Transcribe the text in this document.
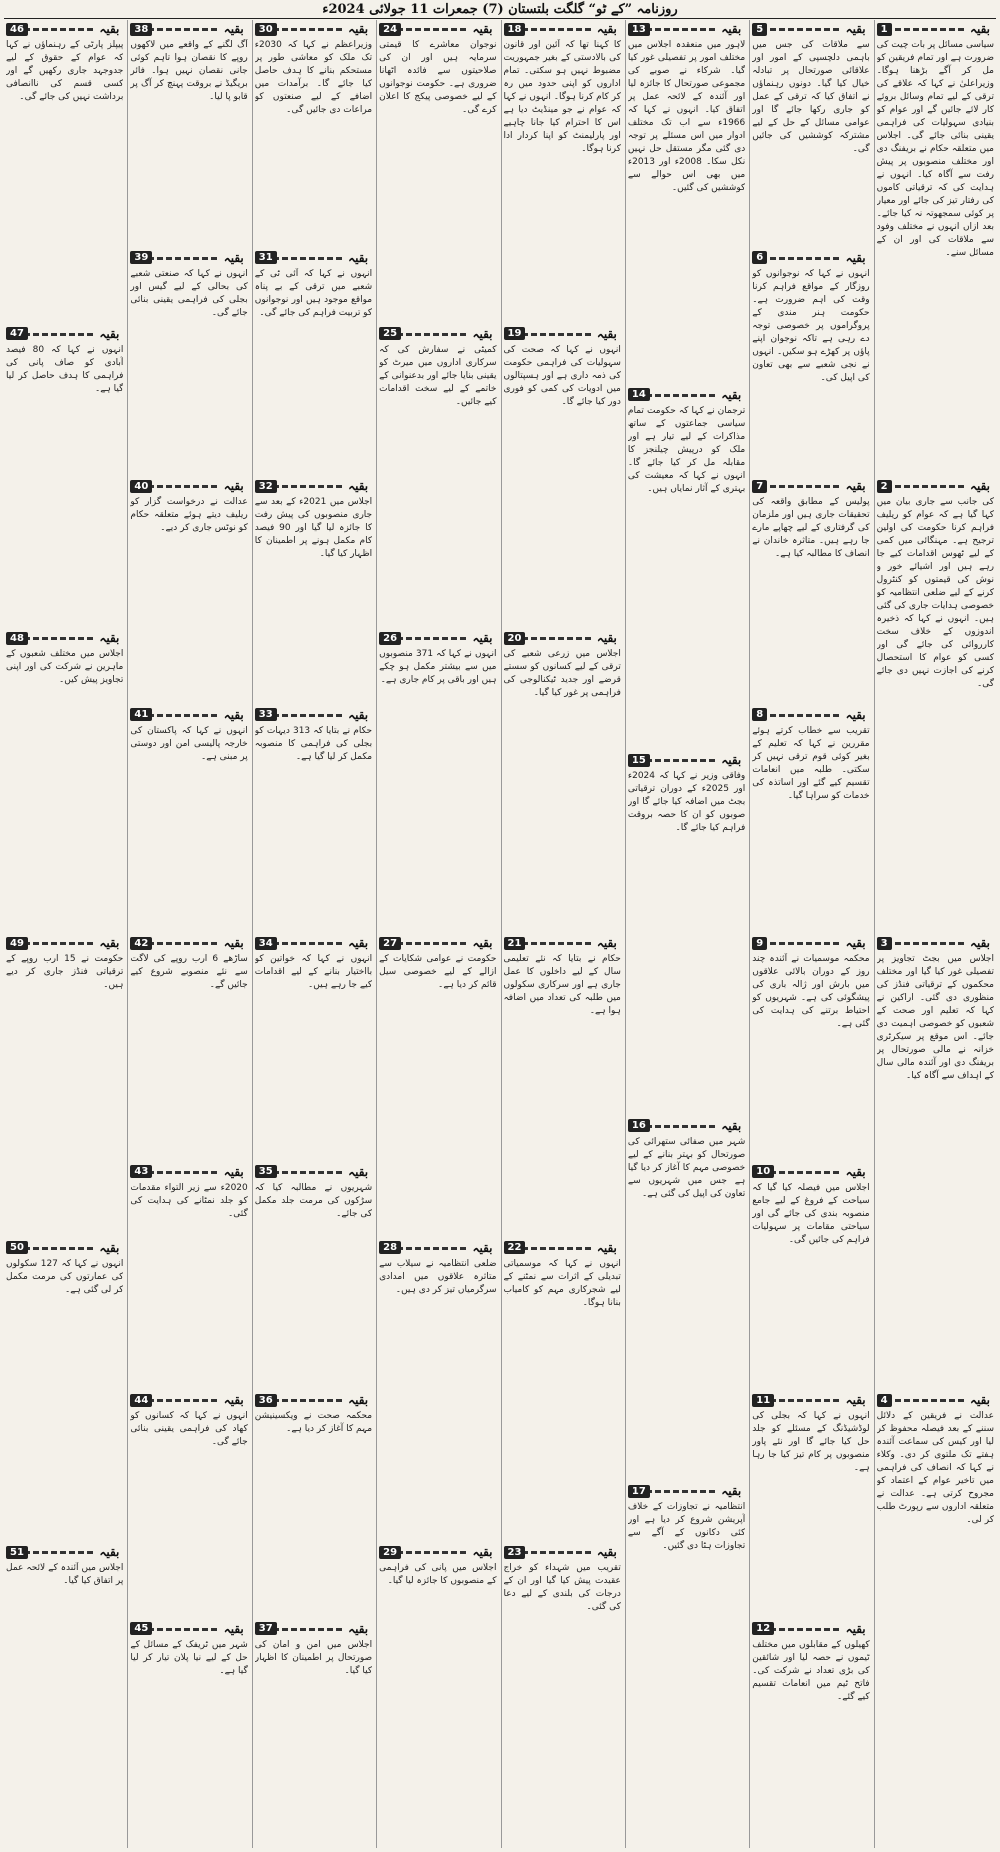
روزنامہ ”کے ٹو“ گلگت بلتستان (7) جمعرات 11 جولائی 2024ء
بقیہ
1
سیاسی مسائل پر بات چیت کی ضرورت ہے اور تمام فریقین کو مل کر آگے بڑھنا ہوگا۔ وزیراعلیٰ نے کہا کہ علاقے کی ترقی کے لیے تمام وسائل بروئے کار لائے جائیں گے اور عوام کو بنیادی سہولیات کی فراہمی یقینی بنائی جائے گی۔ اجلاس میں متعلقہ حکام نے بریفنگ دی اور مختلف منصوبوں پر پیش رفت سے آگاہ کیا۔ انہوں نے ہدایت کی کہ ترقیاتی کاموں کی رفتار تیز کی جائے اور معیار پر کوئی سمجھوتہ نہ کیا جائے۔ بعد ازاں انہوں نے مختلف وفود سے ملاقات کی اور ان کے مسائل سنے۔
بقیہ
2
کی جانب سے جاری بیان میں کہا گیا ہے کہ عوام کو ریلیف فراہم کرنا حکومت کی اولین ترجیح ہے۔ مہنگائی میں کمی کے لیے ٹھوس اقدامات کیے جا رہے ہیں اور اشیائے خور و نوش کی قیمتوں کو کنٹرول کرنے کے لیے ضلعی انتظامیہ کو خصوصی ہدایات جاری کی گئی ہیں۔ انہوں نے کہا کہ ذخیرہ اندوزوں کے خلاف سخت کارروائی کی جائے گی اور کسی کو عوام کا استحصال کرنے کی اجازت نہیں دی جائے گی۔
بقیہ
3
اجلاس میں بجٹ تجاویز پر تفصیلی غور کیا گیا اور مختلف محکموں کے ترقیاتی فنڈز کی منظوری دی گئی۔ اراکین نے کہا کہ تعلیم اور صحت کے شعبوں کو خصوصی اہمیت دی جائے۔ اس موقع پر سیکرٹری خزانہ نے مالی صورتحال پر بریفنگ دی اور آئندہ مالی سال کے اہداف سے آگاہ کیا۔
بقیہ
4
عدالت نے فریقین کے دلائل سننے کے بعد فیصلہ محفوظ کر لیا اور کیس کی سماعت آئندہ ہفتے تک ملتوی کر دی۔ وکلاء نے کہا کہ انصاف کی فراہمی میں تاخیر عوام کے اعتماد کو مجروح کرتی ہے۔ عدالت نے متعلقہ اداروں سے رپورٹ طلب کر لی۔
بقیہ
5
سے ملاقات کی جس میں باہمی دلچسپی کے امور اور علاقائی صورتحال پر تبادلہ خیال کیا گیا۔ دونوں رہنماؤں نے اتفاق کیا کہ ترقی کے عمل کو جاری رکھا جائے گا اور عوامی مسائل کے حل کے لیے مشترکہ کوششیں کی جائیں گی۔
بقیہ
6
انہوں نے کہا کہ نوجوانوں کو روزگار کے مواقع فراہم کرنا وقت کی اہم ضرورت ہے۔ حکومت ہنر مندی کے پروگراموں پر خصوصی توجہ دے رہی ہے تاکہ نوجوان اپنے پاؤں پر کھڑے ہو سکیں۔ انہوں نے نجی شعبے سے بھی تعاون کی اپیل کی۔
بقیہ
7
پولیس کے مطابق واقعہ کی تحقیقات جاری ہیں اور ملزمان کی گرفتاری کے لیے چھاپے مارے جا رہے ہیں۔ متاثرہ خاندان نے انصاف کا مطالبہ کیا ہے۔
بقیہ
8
تقریب سے خطاب کرتے ہوئے مقررین نے کہا کہ تعلیم کے بغیر کوئی قوم ترقی نہیں کر سکتی۔ طلبہ میں انعامات تقسیم کیے گئے اور اساتذہ کی خدمات کو سراہا گیا۔
بقیہ
9
محکمہ موسمیات نے آئندہ چند روز کے دوران بالائی علاقوں میں بارش اور ژالہ باری کی پیشگوئی کی ہے۔ شہریوں کو احتیاط برتنے کی ہدایت کی گئی ہے۔
بقیہ
10
اجلاس میں فیصلہ کیا گیا کہ سیاحت کے فروغ کے لیے جامع منصوبہ بندی کی جائے گی اور سیاحتی مقامات پر سہولیات فراہم کی جائیں گی۔
بقیہ
11
انہوں نے کہا کہ بجلی کی لوڈشیڈنگ کے مسئلے کو جلد حل کیا جائے گا اور نئے پاور منصوبوں پر کام تیز کیا جا رہا ہے۔
بقیہ
12
کھیلوں کے مقابلوں میں مختلف ٹیموں نے حصہ لیا اور شائقین کی بڑی تعداد نے شرکت کی۔ فاتح ٹیم میں انعامات تقسیم کیے گئے۔
بقیہ
13
لاہور میں منعقدہ اجلاس میں مختلف امور پر تفصیلی غور کیا گیا۔ شرکاء نے صوبے کی مجموعی صورتحال کا جائزہ لیا اور آئندہ کے لائحہ عمل پر اتفاق کیا۔ انہوں نے کہا کہ 1966ء سے اب تک مختلف ادوار میں اس مسئلے پر توجہ دی گئی مگر مستقل حل نہیں نکل سکا۔ 2008ء اور 2013ء میں بھی اس حوالے سے کوششیں کی گئیں۔
بقیہ
14
ترجمان نے کہا کہ حکومت تمام سیاسی جماعتوں کے ساتھ مذاکرات کے لیے تیار ہے اور ملک کو درپیش چیلنجز کا مقابلہ مل کر کیا جائے گا۔ انہوں نے کہا کہ معیشت کی بہتری کے آثار نمایاں ہیں۔
بقیہ
15
وفاقی وزیر نے کہا کہ 2024ء اور 2025ء کے دوران ترقیاتی بجٹ میں اضافہ کیا جائے گا اور صوبوں کو ان کا حصہ بروقت فراہم کیا جائے گا۔
بقیہ
16
شہر میں صفائی ستھرائی کی صورتحال کو بہتر بنانے کے لیے خصوصی مہم کا آغاز کر دیا گیا ہے جس میں شہریوں سے تعاون کی اپیل کی گئی ہے۔
بقیہ
17
انتظامیہ نے تجاوزات کے خلاف آپریشن شروع کر دیا ہے اور کئی دکانوں کے آگے سے تجاوزات ہٹا دی گئیں۔
بقیہ
18
کا کہنا تھا کہ آئین اور قانون کی بالادستی کے بغیر جمہوریت مضبوط نہیں ہو سکتی۔ تمام اداروں کو اپنی حدود میں رہ کر کام کرنا ہوگا۔ انہوں نے کہا کہ عوام نے جو مینڈیٹ دیا ہے اس کا احترام کیا جانا چاہیے اور پارلیمنٹ کو اپنا کردار ادا کرنا ہوگا۔
بقیہ
19
انہوں نے کہا کہ صحت کی سہولیات کی فراہمی حکومت کی ذمہ داری ہے اور ہسپتالوں میں ادویات کی کمی کو فوری دور کیا جائے گا۔
بقیہ
20
اجلاس میں زرعی شعبے کی ترقی کے لیے کسانوں کو سستے قرضے اور جدید ٹیکنالوجی کی فراہمی پر غور کیا گیا۔
بقیہ
21
حکام نے بتایا کہ نئے تعلیمی سال کے لیے داخلوں کا عمل جاری ہے اور سرکاری سکولوں میں طلبہ کی تعداد میں اضافہ ہوا ہے۔
بقیہ
22
انہوں نے کہا کہ موسمیاتی تبدیلی کے اثرات سے نمٹنے کے لیے شجرکاری مہم کو کامیاب بنانا ہوگا۔
بقیہ
23
تقریب میں شہداء کو خراج عقیدت پیش کیا گیا اور ان کے درجات کی بلندی کے لیے دعا کی گئی۔
بقیہ
24
نوجوان معاشرے کا قیمتی سرمایہ ہیں اور ان کی صلاحیتوں سے فائدہ اٹھانا ضروری ہے۔ حکومت نوجوانوں کے لیے خصوصی پیکج کا اعلان کرے گی۔
بقیہ
25
کمیٹی نے سفارش کی کہ سرکاری اداروں میں میرٹ کو یقینی بنایا جائے اور بدعنوانی کے خاتمے کے لیے سخت اقدامات کیے جائیں۔
بقیہ
26
انہوں نے کہا کہ 371 منصوبوں میں سے بیشتر مکمل ہو چکے ہیں اور باقی پر کام جاری ہے۔
بقیہ
27
حکومت نے عوامی شکایات کے ازالے کے لیے خصوصی سیل قائم کر دیا ہے۔
بقیہ
28
ضلعی انتظامیہ نے سیلاب سے متاثرہ علاقوں میں امدادی سرگرمیاں تیز کر دی ہیں۔
بقیہ
29
اجلاس میں پانی کی فراہمی کے منصوبوں کا جائزہ لیا گیا۔
بقیہ
30
وزیراعظم نے کہا کہ 2030ء تک ملک کو معاشی طور پر مستحکم بنانے کا ہدف حاصل کیا جائے گا۔ برآمدات میں اضافے کے لیے صنعتوں کو مراعات دی جائیں گی۔
بقیہ
31
انہوں نے کہا کہ آئی ٹی کے شعبے میں ترقی کے بے پناہ مواقع موجود ہیں اور نوجوانوں کو تربیت فراہم کی جائے گی۔
بقیہ
32
اجلاس میں 2021ء کے بعد سے جاری منصوبوں کی پیش رفت کا جائزہ لیا گیا اور 90 فیصد کام مکمل ہونے پر اطمینان کا اظہار کیا گیا۔
بقیہ
33
حکام نے بتایا کہ 313 دیہات کو بجلی کی فراہمی کا منصوبہ مکمل کر لیا گیا ہے۔
بقیہ
34
انہوں نے کہا کہ خواتین کو بااختیار بنانے کے لیے اقدامات کیے جا رہے ہیں۔
بقیہ
35
شہریوں نے مطالبہ کیا کہ سڑکوں کی مرمت جلد مکمل کی جائے۔
بقیہ
36
محکمہ صحت نے ویکسینیشن مہم کا آغاز کر دیا ہے۔
بقیہ
37
اجلاس میں امن و امان کی صورتحال پر اطمینان کا اظہار کیا گیا۔
بقیہ
38
آگ لگنے کے واقعے میں لاکھوں روپے کا نقصان ہوا تاہم کوئی جانی نقصان نہیں ہوا۔ فائر بریگیڈ نے بروقت پہنچ کر آگ پر قابو پا لیا۔
بقیہ
39
انہوں نے کہا کہ صنعتی شعبے کی بحالی کے لیے گیس اور بجلی کی فراہمی یقینی بنائی جائے گی۔
بقیہ
40
عدالت نے درخواست گزار کو ریلیف دیتے ہوئے متعلقہ حکام کو نوٹس جاری کر دیے۔
بقیہ
41
انہوں نے کہا کہ پاکستان کی خارجہ پالیسی امن اور دوستی پر مبنی ہے۔
بقیہ
42
ساڑھے 6 ارب روپے کی لاگت سے نئے منصوبے شروع کیے جائیں گے۔
بقیہ
43
2020ء سے زیر التواء مقدمات کو جلد نمٹانے کی ہدایت کی گئی۔
بقیہ
44
انہوں نے کہا کہ کسانوں کو کھاد کی فراہمی یقینی بنائی جائے گی۔
بقیہ
45
شہر میں ٹریفک کے مسائل کے حل کے لیے نیا پلان تیار کر لیا گیا ہے۔
بقیہ
46
پیپلز پارٹی کے رہنماؤں نے کہا کہ عوام کے حقوق کے لیے جدوجہد جاری رکھیں گے اور کسی قسم کی ناانصافی برداشت نہیں کی جائے گی۔
بقیہ
47
انہوں نے کہا کہ 80 فیصد آبادی کو صاف پانی کی فراہمی کا ہدف حاصل کر لیا گیا ہے۔
بقیہ
48
اجلاس میں مختلف شعبوں کے ماہرین نے شرکت کی اور اپنی تجاویز پیش کیں۔
بقیہ
49
حکومت نے 15 ارب روپے کے ترقیاتی فنڈز جاری کر دیے ہیں۔
بقیہ
50
انہوں نے کہا کہ 127 سکولوں کی عمارتوں کی مرمت مکمل کر لی گئی ہے۔
بقیہ
51
اجلاس میں آئندہ کے لائحہ عمل پر اتفاق کیا گیا۔
